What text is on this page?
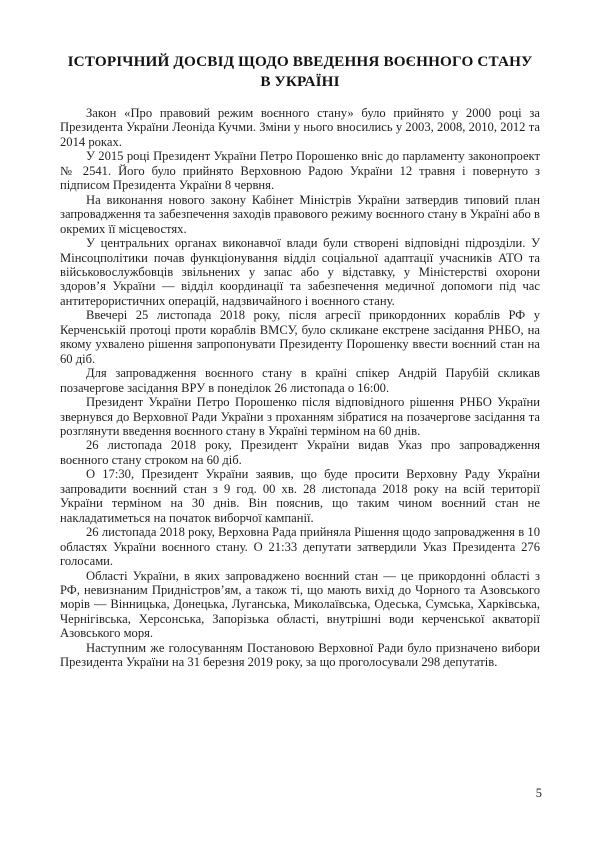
ІСТОРІЧНИЙ ДОСВІД ЩОДО ВВЕДЕННЯ ВОЄННОГО СТАНУ В УКРАЇНІ

Закон «Про правовий режим воєнного стану» було прийнято у 2000 році за Президента України Леоніда Кучми. Зміни у нього вносились у 2003, 2008, 2010, 2012 та 2014 роках.

У 2015 році Президент України Петро Порошенко вніс до парламенту законопроект № 2541. Його було прийнято Верховною Радою України 12 травня і повернуто з підписом Президента України 8 червня.

На виконання нового закону Кабінет Міністрів України затвердив типовий план запровадження та забезпечення заходів правового режиму воєнного стану в Україні або в окремих її місцевостях.

У центральних органах виконавчої влади були створені відповідні підрозділи. У Мінсоцполітики почав функціонування відділ соціальної адаптації учасників АТО та військовослужбовців звільнених у запас або у відставку, у Міністерстві охорони здоров’я України — відділ координації та забезпечення медичної допомоги під час антитерористичних операцій, надзвичайного і воєнного стану.

Ввечері 25 листопада 2018 року, після агресії прикордонних кораблів РФ у Керченській протоці проти кораблів ВМСУ, було скликане екстрене засідання РНБО, на якому ухвалено рішення запропонувати Президенту Порошенку ввести воєнний стан на 60 діб.

Для запровадження воєнного стану в країні спікер Андрій Парубій скликав позачергове засідання ВРУ в понеділок 26 листопада о 16:00.

Президент України Петро Порошенко після відповідного рішення РНБО України звернувся до Верховної Ради України з проханням зібратися на позачергове засідання та розглянути введення воєнного стану в Україні терміном на 60 днів.

26 листопада 2018 року, Президент України видав Указ про запровадження воєнного стану строком на 60 діб.

О 17:30, Президент України заявив, що буде просити Верховну Раду України запровадити воєнний стан з 9 год. 00 хв. 28 листопада 2018 року на всій території України терміном на 30 днів. Він пояснив, що таким чином воєнний стан не накладатиметься на початок виборчої кампанії.

26 листопада 2018 року, Верховна Рада прийняла Рішення щодо запровадження в 10 областях України воєнного стану. О 21:33 депутати затвердили Указ Президента 276 голосами.

Області України, в яких запроваджено воєнний стан — це прикордонні області з РФ, невизнаним Придністров’ям, а також ті, що мають вихід до Чорного та Азовського морів — Вінницька, Донецька, Луганська, Миколаївська, Одеська, Сумська, Харківська, Чернігівська, Херсонська, Запорізька області, внутрішні води керченської акваторії Азовського моря.

Наступним же голосуванням Постановою Верховної Ради було призначено вибори Президента України на 31 березня 2019 року, за що проголосували 298 депутатів.

5
